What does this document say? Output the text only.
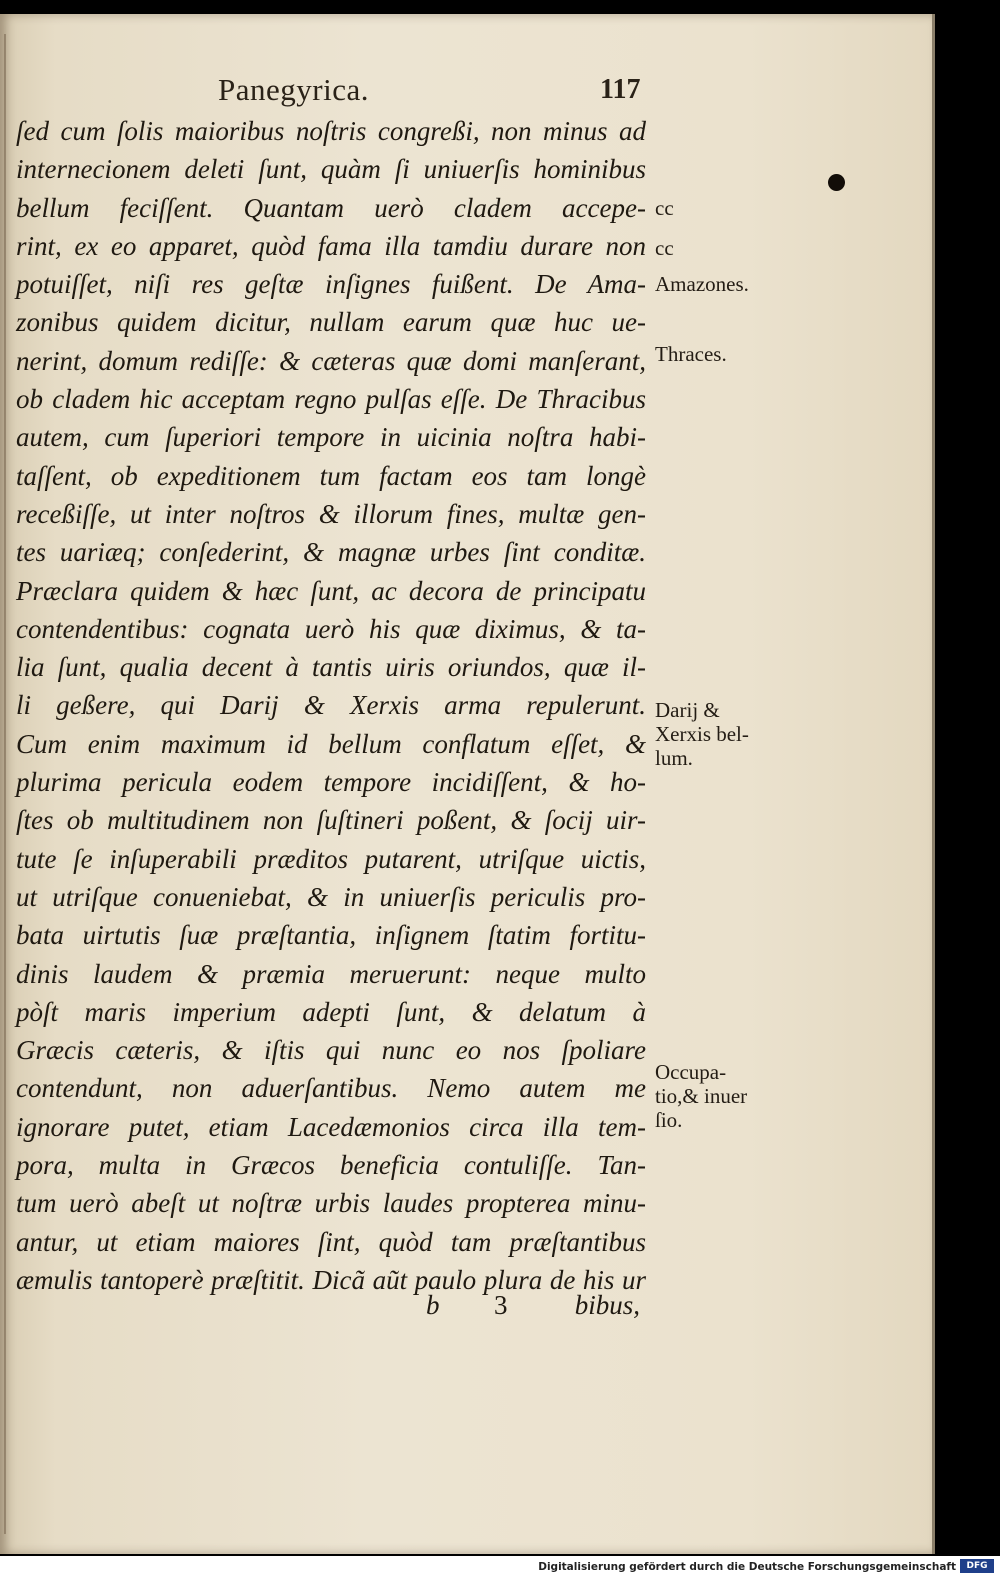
Panegyrica.	117
ſed cum ſolis maioribus noſtris congreßi, non minus ad
internecionem deleti ſunt, quàm ſi uniuerſis hominibus
bellum feciſſent. Quantam uerò cladem accepe-
rint, ex eo apparet, quòd fama illa tamdiu durare non
potuiſſet, niſi res geſtæ inſignes fuißent. De Ama-
zonibus quidem dicitur, nullam earum quæ huc ue-
nerint, domum rediſſe: & cæteras quæ domi manſerant,
ob cladem hic acceptam regno pulſas eſſe. De Thracibus
autem, cum ſuperiori tempore in uicinia noſtra habi-
taſſent, ob expeditionem tum factam eos tam longè
receßiſſe, ut inter noſtros & illorum fines, multæ gen-
tes uariæq; conſederint, & magnæ urbes ſint conditæ.
Præclara quidem & hæc ſunt, ac decora de principatu
contendentibus: cognata uerò his quæ diximus, & ta-
lia ſunt, qualia decent à tantis uiris oriundos, quæ il-
li geßere, qui Darij & Xerxis arma repulerunt.
Cum enim maximum id bellum conflatum eſſet, &
plurima pericula eodem tempore incidiſſent, & ho-
ſtes ob multitudinem non ſuſtineri poßent, & ſocij uir-
tute ſe inſuperabili præditos putarent, utriſque uictis,
ut utriſque conueniebat, & in uniuerſis periculis pro-
bata uirtutis ſuæ præſtantia, inſignem ſtatim fortitu-
dinis laudem & præmia meruerunt: neque multo
pòſt maris imperium adepti ſunt, & delatum à
Græcis cæteris, & iſtis qui nunc eo nos ſpoliare
contendunt, non aduerſantibus. Nemo autem me
ignorare putet, etiam Lacedæmonios circa illa tem-
pora, multa in Græcos beneficia contuliſſe. Tan-
tum uerò abeſt ut noſtræ urbis laudes propterea minu-
antur, ut etiam maiores ſint, quòd tam præſtantibus
æmulis tantoperè præſtitit. Dicã aũt paulo plura de his ur
b 3 bibus,
cc
cc
Amazones.
Thraces.
Darij &
Xerxis bel-
lum.
Occupa-
tio,& inuer
ſio.
Digitalisierung gefördert durch die Deutsche Forschungsgemeinschaft	DFG
